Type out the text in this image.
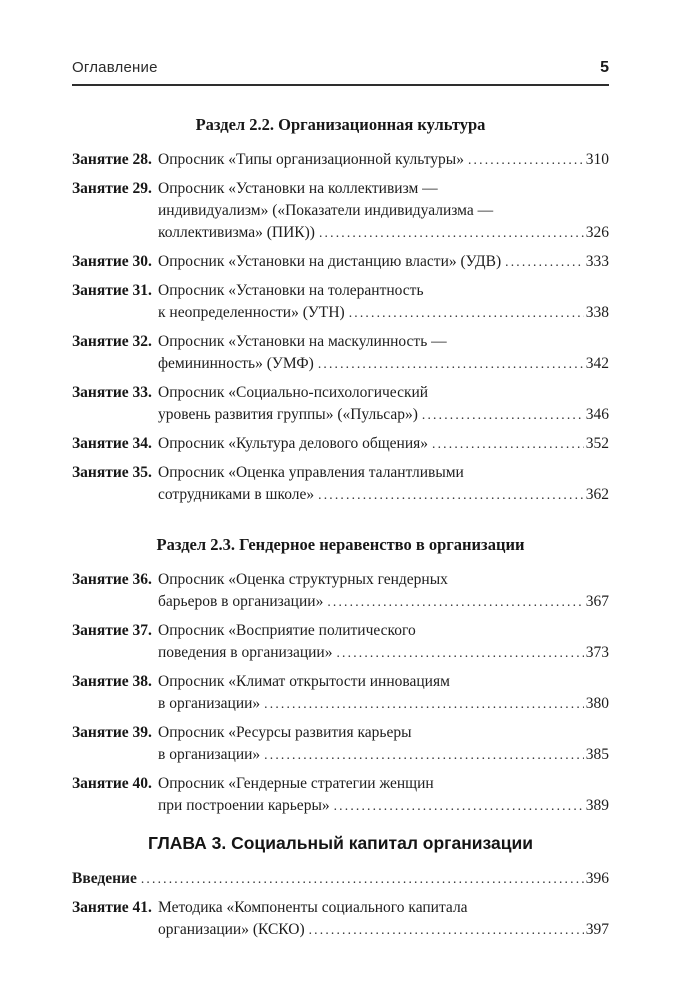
Оглавление	5
Раздел 2.2. Организационная культура
Занятие 28. Опросник «Типы организационной культуры» .....	310
Занятие 29. Опросник «Установки на коллективизм —
индивидуализм» («Показатели индивидуализма —
коллективизма» (ПИК)) .....	326
Занятие 30. Опросник «Установки на дистанцию власти» (УДВ) .....	333
Занятие 31. Опросник «Установки на толерантность
к неопределенности» (УТН) .....	338
Занятие 32. Опросник «Установки на маскулинность —
фемининность» (УМФ) .....	342
Занятие 33. Опросник «Социально-психологический
уровень развития группы» («Пульсар») .....	346
Занятие 34. Опросник «Культура делового общения» .....	352
Занятие 35. Опросник «Оценка управления талантливыми
сотрудниками в школе» .....	362
Раздел 2.3. Гендерное неравенство в организации
Занятие 36. Опросник «Оценка структурных гендерных
барьеров в организации» .....	367
Занятие 37. Опросник «Восприятие политического
поведения в организации» .....	373
Занятие 38. Опросник «Климат открытости инновациям
в организации» .....	380
Занятие 39. Опросник «Ресурсы развития карьеры
в организации» .....	385
Занятие 40. Опросник «Гендерные стратегии женщин
при построении карьеры» .....	389
ГЛАВА 3. Социальный капитал организации
Введение .....	396
Занятие 41. Методика «Компоненты социального капитала
организации» (КСКО) .....	397
